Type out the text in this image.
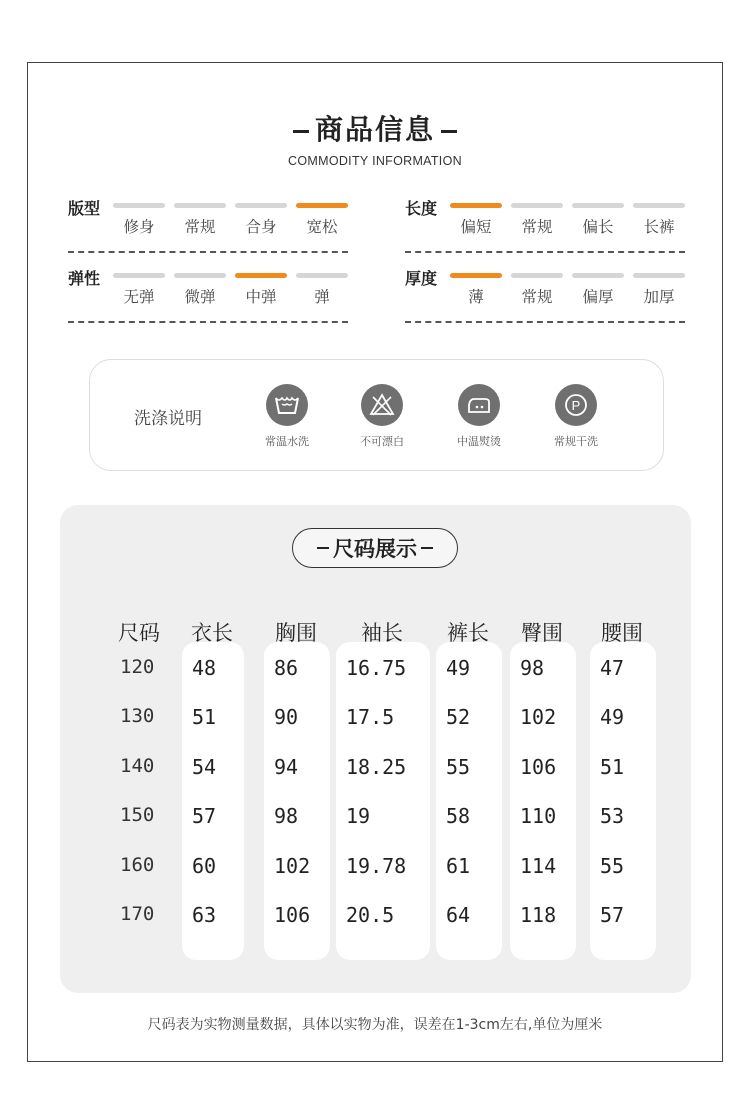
商品信息
COMMODITY INFORMATION
版型
修身	常规	合身	宽松
长度
偏短	常规	偏长	长裤
弹性
无弹	微弹	中弹	弹
厚度
薄	常规	偏厚	加厚
洗涤说明
常温水洗	不可漂白	中温熨烫
P
常规干洗
尺码展示
尺码 衣长 胸围 袖长 裤长 臀围 腰围
120 48	86 16.75 49 98	47
130 51	90 17.5	52 102 49
140 54	94 18.25 55 106 51
150 57	98 19	58 110 53
160 60	102 19.78 61 114 55
170 63	106 20.5	64 118 57
尺码表为实物测量数据，具体以实物为准，误差在1-3cm左右,单位为厘米
